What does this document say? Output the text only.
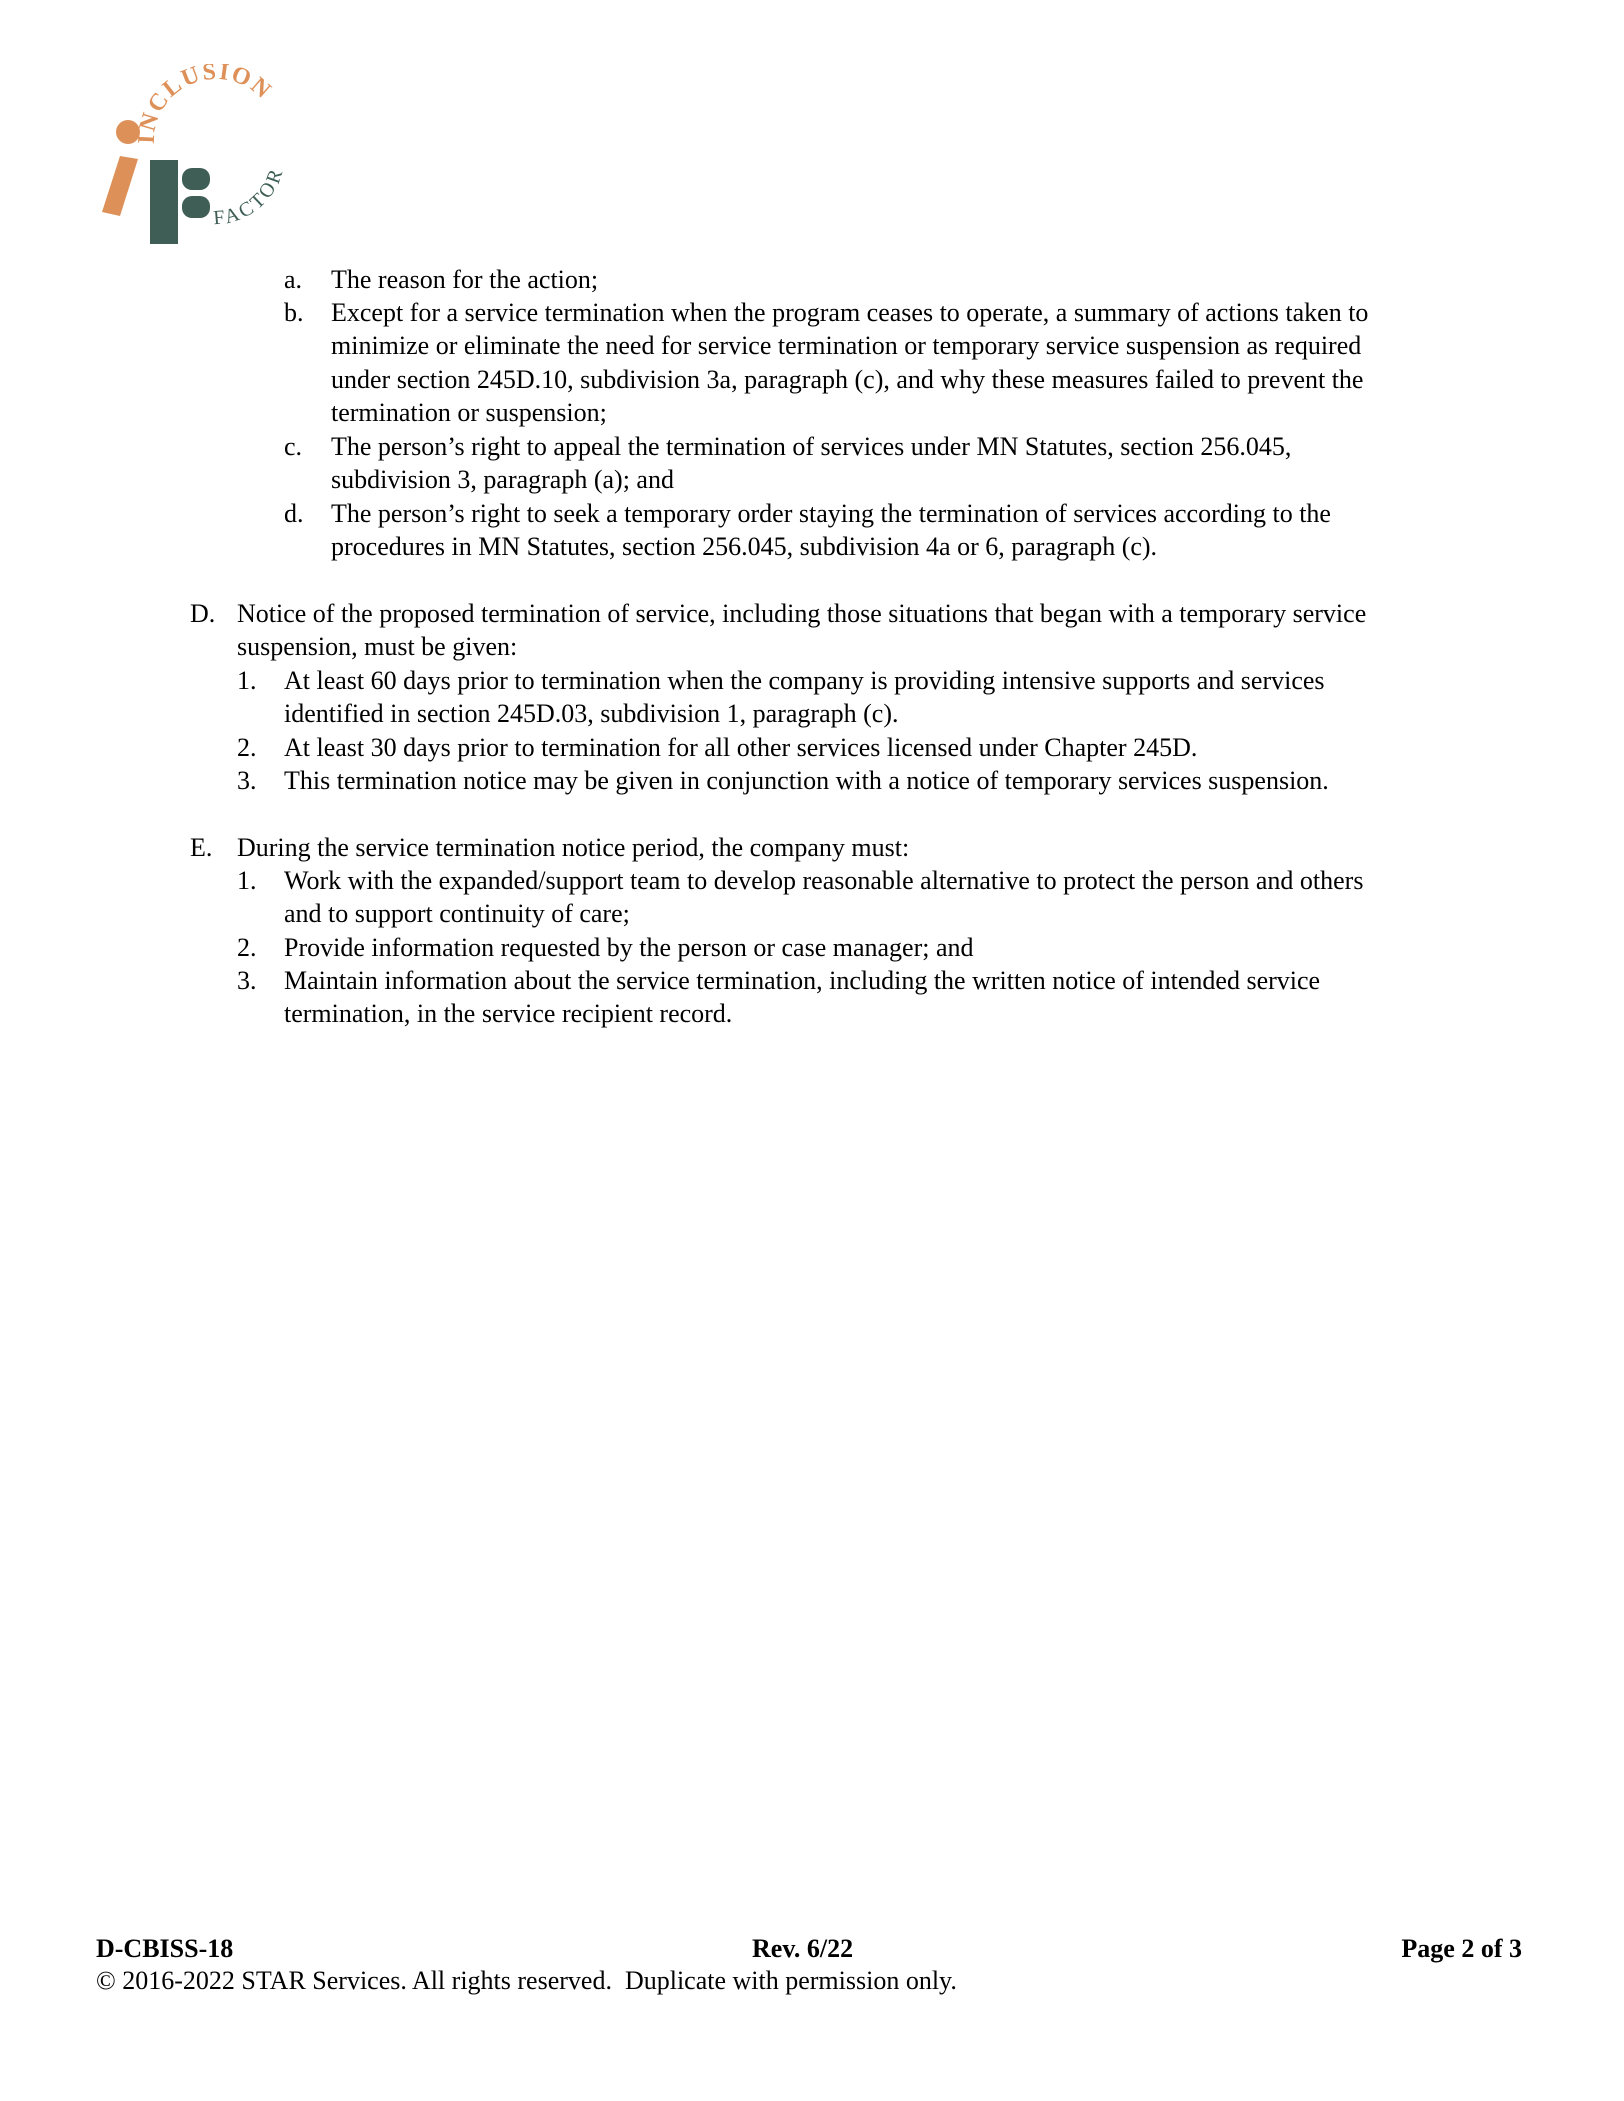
INCLUSION
FACTOR
a. The reason for the action;
b. Except for a service termination when the program ceases to operate, a summary of actions taken to
minimize or eliminate the need for service termination or temporary service suspension as required
under section 245D.10, subdivision 3a, paragraph (c), and why these measures failed to prevent the
termination or suspension;
c. The person’s right to appeal the termination of services under MN Statutes, section 256.045,
subdivision 3, paragraph (a); and
d. The person’s right to seek a temporary order staying the termination of services according to the
procedures in MN Statutes, section 256.045, subdivision 4a or 6, paragraph (c).
D. Notice of the proposed termination of service, including those situations that began with a temporary service
suspension, must be given:
1. At least 60 days prior to termination when the company is providing intensive supports and services
identified in section 245D.03, subdivision 1, paragraph (c).
2. At least 30 days prior to termination for all other services licensed under Chapter 245D.
3. This termination notice may be given in conjunction with a notice of temporary services suspension.
E. During the service termination notice period, the company must:
1. Work with the expanded/support team to develop reasonable alternative to protect the person and others
and to support continuity of care;
2. Provide information requested by the person or case manager; and
3. Maintain information about the service termination, including the written notice of intended service
termination, in the service recipient record.
D-CBISS-18	Rev. 6/22	Page 2 of 3
© 2016-2022 STAR Services. All rights reserved.  Duplicate with permission only.
